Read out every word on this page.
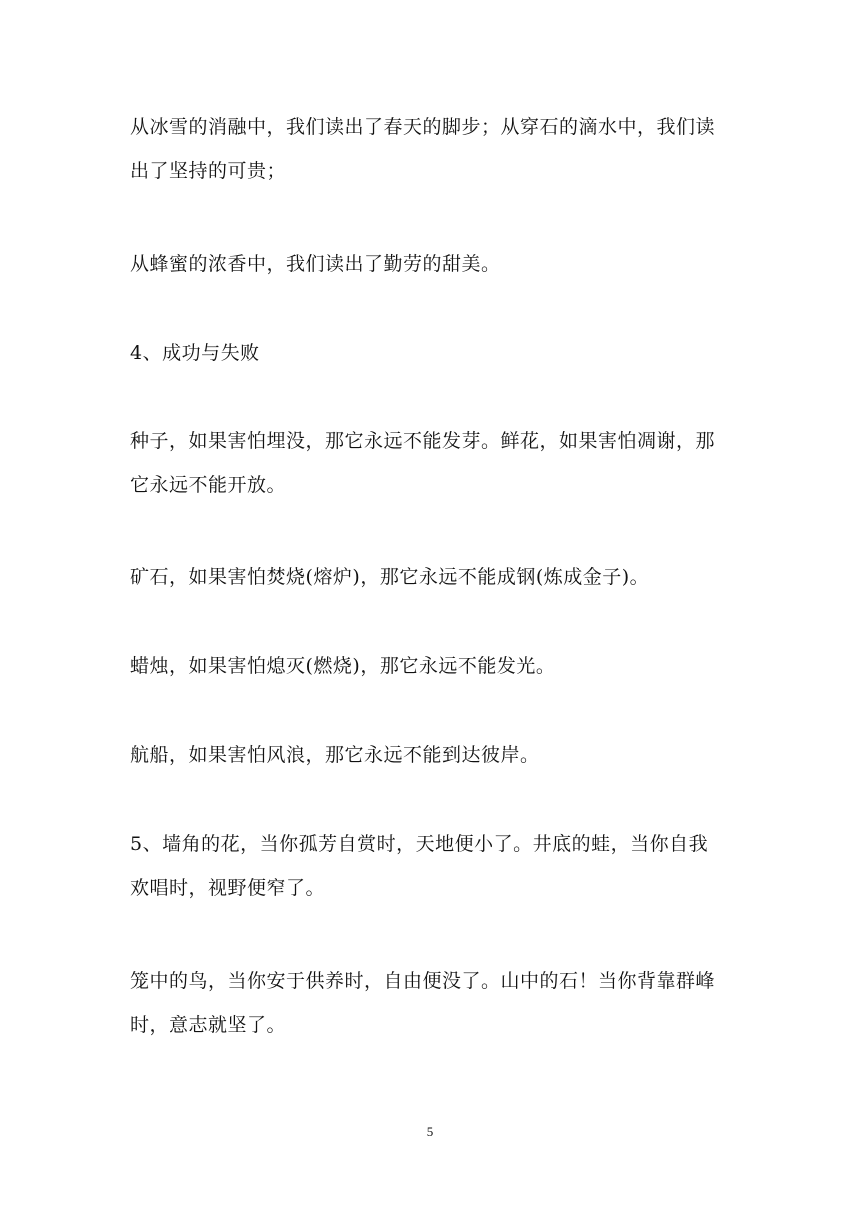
从冰雪的消融中，我们读出了春天的脚步；从穿石的滴水中，我们读
出了坚持的可贵；

从蜂蜜的浓香中，我们读出了勤劳的甜美。

4、成功与失败

种子，如果害怕埋没，那它永远不能发芽。鲜花，如果害怕凋谢，那
它永远不能开放。

矿石，如果害怕焚烧(熔炉)，那它永远不能成钢(炼成金子)。

蜡烛，如果害怕熄灭(燃烧)，那它永远不能发光。

航船，如果害怕风浪，那它永远不能到达彼岸。

5、墙角的花，当你孤芳自赏时，天地便小了。井底的蛙，当你自我
欢唱时，视野便窄了。

笼中的鸟，当你安于供养时，自由便没了。山中的石！当你背靠群峰
时，意志就坚了。

5
